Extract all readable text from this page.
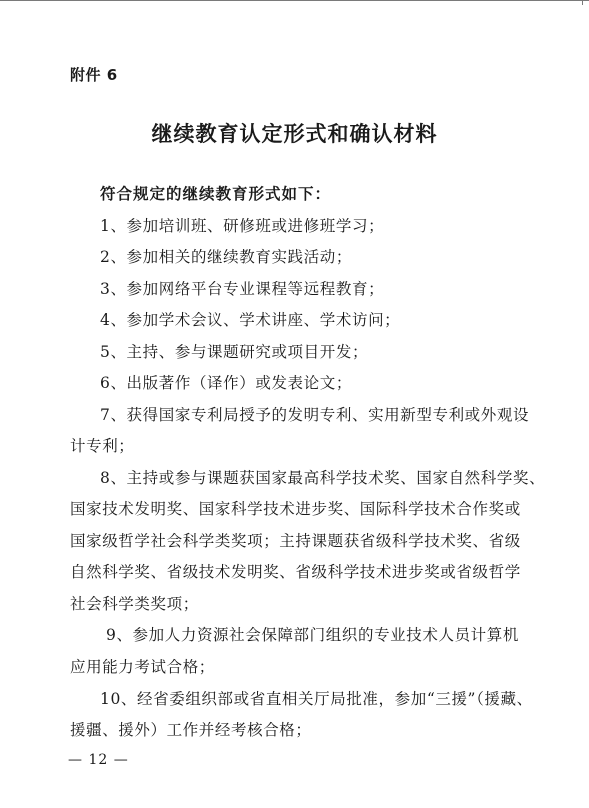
附件 6
继续教育认定形式和确认材料
符合规定的继续教育形式如下：
1、参加培训班、研修班或进修班学习；
2、参加相关的继续教育实践活动；
3、参加网络平台专业课程等远程教育；
4、参加学术会议、学术讲座、学术访问；
5、主持、参与课题研究或项目开发；
6、出版著作（译作）或发表论文；
7、获得国家专利局授予的发明专利、实用新型专利或外观设
计专利；
8、主持或参与课题获国家最高科学技术奖、国家自然科学奖、
国家技术发明奖、国家科学技术进步奖、国际科学技术合作奖或
国家级哲学社会科学类奖项；主持课题获省级科学技术奖、省级
自然科学奖、省级技术发明奖、省级科学技术进步奖或省级哲学
社会科学类奖项；
9、参加人力资源社会保障部门组织的专业技术人员计算机
应用能力考试合格；
10、经省委组织部或省直相关厅局批准，参加“三援”（援藏、
援疆、援外）工作并经考核合格；
— 12 —
